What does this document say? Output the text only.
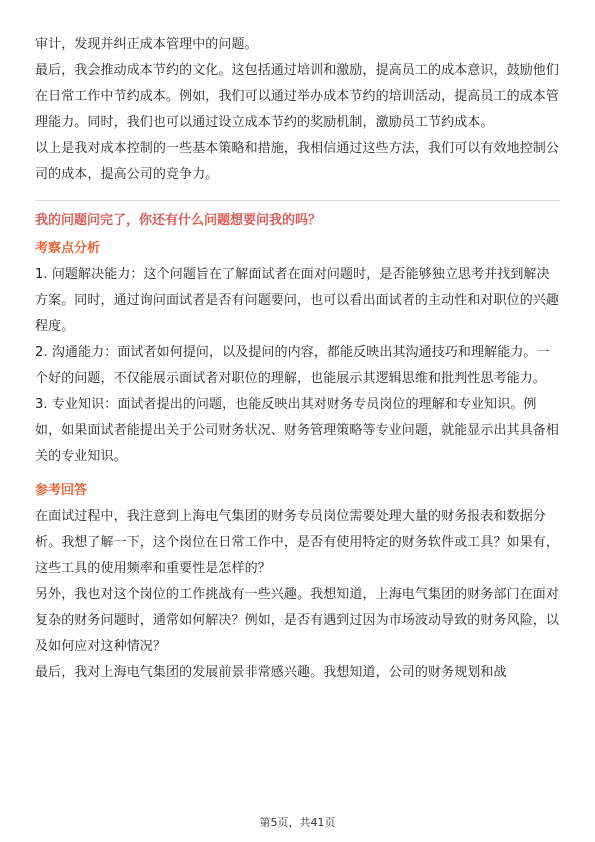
审计，发现并纠正成本管理中的问题。

最后，我会推动成本节约的文化。这包括通过培训和激励，提高员工的成本意识，鼓励他们在日常工作中节约成本。例如，我们可以通过举办成本节约的培训活动，提高员工的成本管理能力。同时，我们也可以通过设立成本节约的奖励机制，激励员工节约成本。

以上是我对成本控制的一些基本策略和措施，我相信通过这些方法，我们可以有效地控制公司的成本，提高公司的竞争力。

我的问题问完了，你还有什么问题想要问我的吗？
考察点分析

1. 问题解决能力：这个问题旨在了解面试者在面对问题时，是否能够独立思考并找到解决方案。同时，通过询问面试者是否有问题要问，也可以看出面试者的主动性和对职位的兴趣程度。

2. 沟通能力：面试者如何提问，以及提问的内容，都能反映出其沟通技巧和理解能力。一个好的问题，不仅能展示面试者对职位的理解，也能展示其逻辑思维和批判性思考能力。

3. 专业知识：面试者提出的问题，也能反映出其对财务专员岗位的理解和专业知识。例如，如果面试者能提出关于公司财务状况、财务管理策略等专业问题，就能显示出其具备相关的专业知识。

参考回答

在面试过程中，我注意到上海电气集团的财务专员岗位需要处理大量的财务报表和数据分析。我想了解一下，这个岗位在日常工作中，是否有使用特定的财务软件或工具？如果有，这些工具的使用频率和重要性是怎样的？

另外，我也对这个岗位的工作挑战有一些兴趣。我想知道，上海电气集团的财务部门在面对复杂的财务问题时，通常如何解决？例如，是否有遇到过因为市场波动导致的财务风险，以及如何应对这种情况？

最后，我对上海电气集团的发展前景非常感兴趣。我想知道，公司的财务规划和战

第5页，共41页
